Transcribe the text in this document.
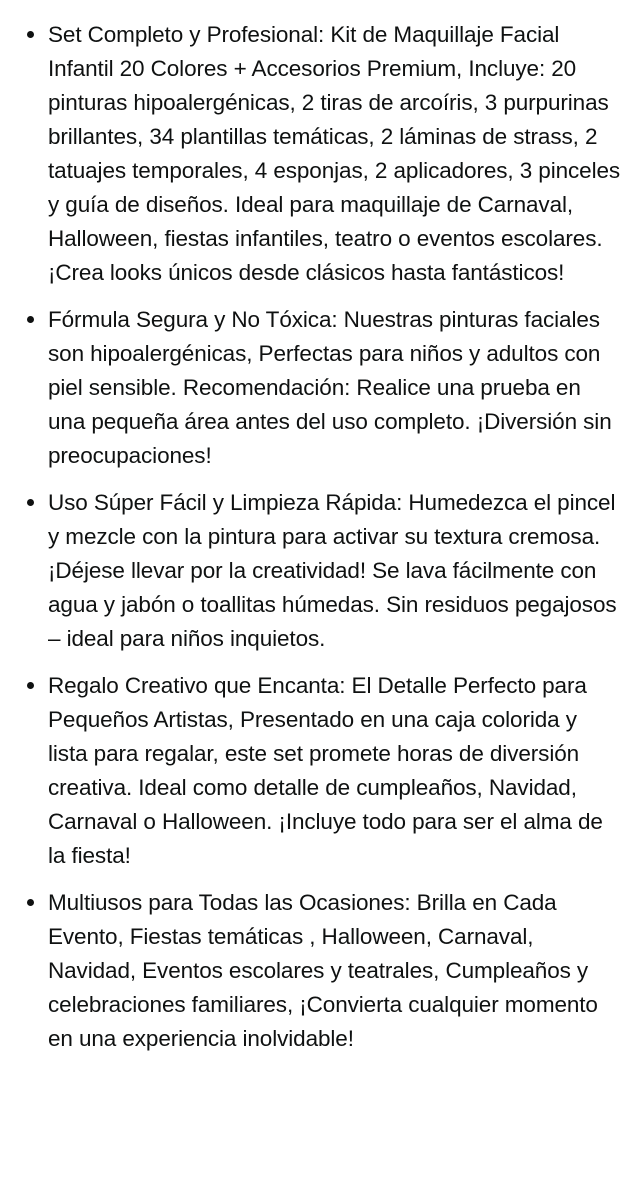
Set Completo y Profesional: Kit de Maquillaje Facial Infantil 20 Colores + Accesorios Premium, Incluye: 20 pinturas hipoalergénicas, 2 tiras de arcoíris, 3 purpurinas brillantes, 34 plantillas temáticas, 2 láminas de strass, 2 tatuajes temporales, 4 esponjas, 2 aplicadores, 3 pinceles y guía de diseños. Ideal para maquillaje de Carnaval, Halloween, fiestas infantiles, teatro o eventos escolares. ¡Crea looks únicos desde clásicos hasta fantásticos!
Fórmula Segura y No Tóxica: Nuestras pinturas faciales son hipoalergénicas, Perfectas para niños y adultos con piel sensible. Recomendación: Realice una prueba en una pequeña área antes del uso completo. ¡Diversión sin preocupaciones!
Uso Súper Fácil y Limpieza Rápida: Humedezca el pincel y mezcle con la pintura para activar su textura cremosa.¡Déjese llevar por la creatividad! Se lava fácilmente con agua y jabón o toallitas húmedas. Sin residuos pegajosos – ideal para niños inquietos.
Regalo Creativo que Encanta: El Detalle Perfecto para Pequeños Artistas, Presentado en una caja colorida y lista para regalar, este set promete horas de diversión creativa. Ideal como detalle de cumpleaños, Navidad, Carnaval o Halloween. ¡Incluye todo para ser el alma de la fiesta!
Multiusos para Todas las Ocasiones: Brilla en Cada Evento, Fiestas temáticas , Halloween, Carnaval, Navidad, Eventos escolares y teatrales, Cumpleaños y celebraciones familiares, ¡Convierta cualquier momento en una experiencia inolvidable!
